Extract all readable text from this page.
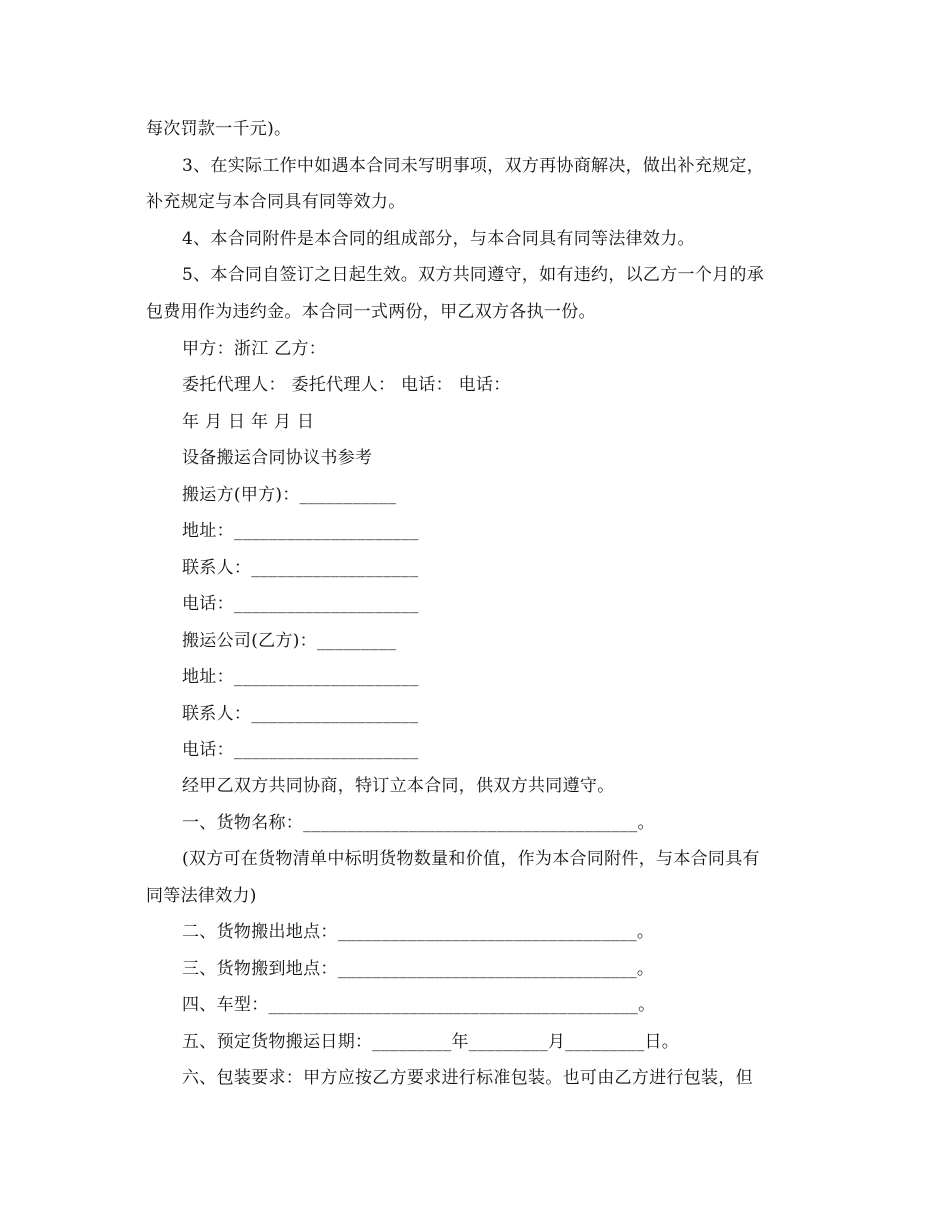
每次罚款一千元)。
3、在实际工作中如遇本合同未写明事项，双方再协商解决，做出补充规定，
补充规定与本合同具有同等效力。
4、本合同附件是本合同的组成部分，与本合同具有同等法律效力。
5、本合同自签订之日起生效。双方共同遵守，如有违约，以乙方一个月的承
包费用作为违约金。本合同一式两份，甲乙双方各执一份。
甲方：浙江 乙方：
委托代理人： 委托代理人： 电话： 电话：
年 月 日 年 月 日
设备搬运合同协议书参考
搬运方(甲方)：___________
地址：_____________________
联系人：___________________
电话：_____________________
搬运公司(乙方)：_________
地址：_____________________
联系人：___________________
电话：_____________________
经甲乙双方共同协商，特订立本合同，供双方共同遵守。
一、货物名称：______________________________________。
(双方可在货物清单中标明货物数量和价值，作为本合同附件，与本合同具有
同等法律效力)
二、货物搬出地点：__________________________________。
三、货物搬到地点：__________________________________。
四、车型：__________________________________________。
五、预定货物搬运日期：_________年_________月_________日。
六、包装要求：甲方应按乙方要求进行标准包装。也可由乙方进行包装，但
